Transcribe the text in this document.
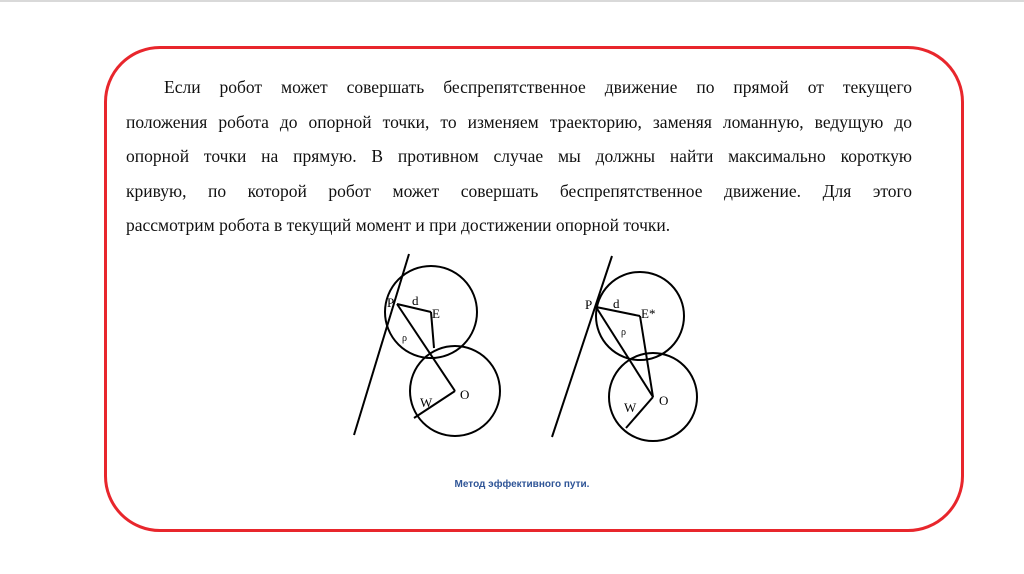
Если робот может совершать беспрепятственное движение по прямой от текущего
положения робота до опорной точки, то изменяем траекторию, заменяя ломанную, ведущую до
опорной точки на прямую. В противном случае мы должны найти максимально короткую
кривую, по которой робот может совершать беспрепятственное движение. Для этого
рассмотрим робота в текущий момент и при достижении опорной точки.
P d
E
ρ
W
O
P d
E*
ρ
W O
Метод эффективного пути.
